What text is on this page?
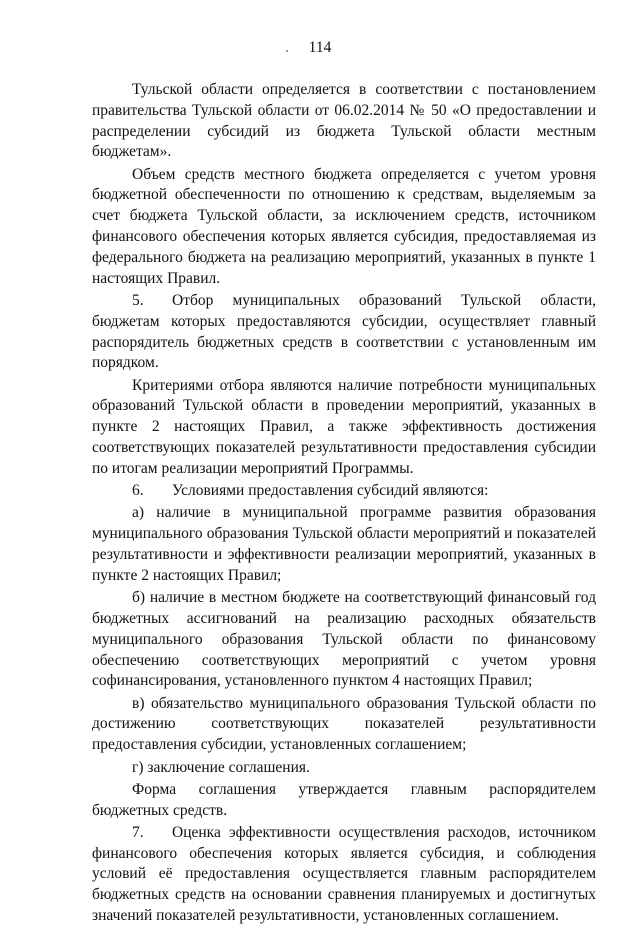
114

Тульской области определяется в соответствии с постановлением правительства Тульской области от 06.02.2014 № 50 «О предоставлении и распределении субсидий из бюджета Тульской области местным бюджетам».

Объем средств местного бюджета определяется с учетом уровня бюджетной обеспеченности по отношению к средствам, выделяемым за счет бюджета Тульской области, за исключением средств, источником финансового обеспечения которых является субсидия, предоставляемая из федерального бюджета на реализацию мероприятий, указанных в пункте 1 настоящих Правил.

5. Отбор муниципальных образований Тульской области, бюджетам которых предоставляются субсидии, осуществляет главный распорядитель бюджетных средств в соответствии с установленным им порядком.

Критериями отбора являются наличие потребности муниципальных образований Тульской области в проведении мероприятий, указанных в пункте 2 настоящих Правил, а также эффективность достижения соответствующих показателей результативности предоставления субсидии по итогам реализации мероприятий Программы.

6. Условиями предоставления субсидий являются:

а) наличие в муниципальной программе развития образования муниципального образования Тульской области мероприятий и показателей результативности и эффективности реализации мероприятий, указанных в пункте 2 настоящих Правил;

б) наличие в местном бюджете на соответствующий финансовый год бюджетных ассигнований на реализацию расходных обязательств муниципального образования Тульской области по финансовому обеспечению соответствующих мероприятий с учетом уровня софинансирования, установленного пунктом 4 настоящих Правил;

в) обязательство муниципального образования Тульской области по достижению соответствующих показателей результативности предоставления субсидии, установленных соглашением;

г) заключение соглашения.

Форма соглашения утверждается главным распорядителем бюджетных средств.

7. Оценка эффективности осуществления расходов, источником финансового обеспечения которых является субсидия, и соблюдения условий её предоставления осуществляется главным распорядителем бюджетных средств на основании сравнения планируемых и достигнутых значений показателей результативности, установленных соглашением.
